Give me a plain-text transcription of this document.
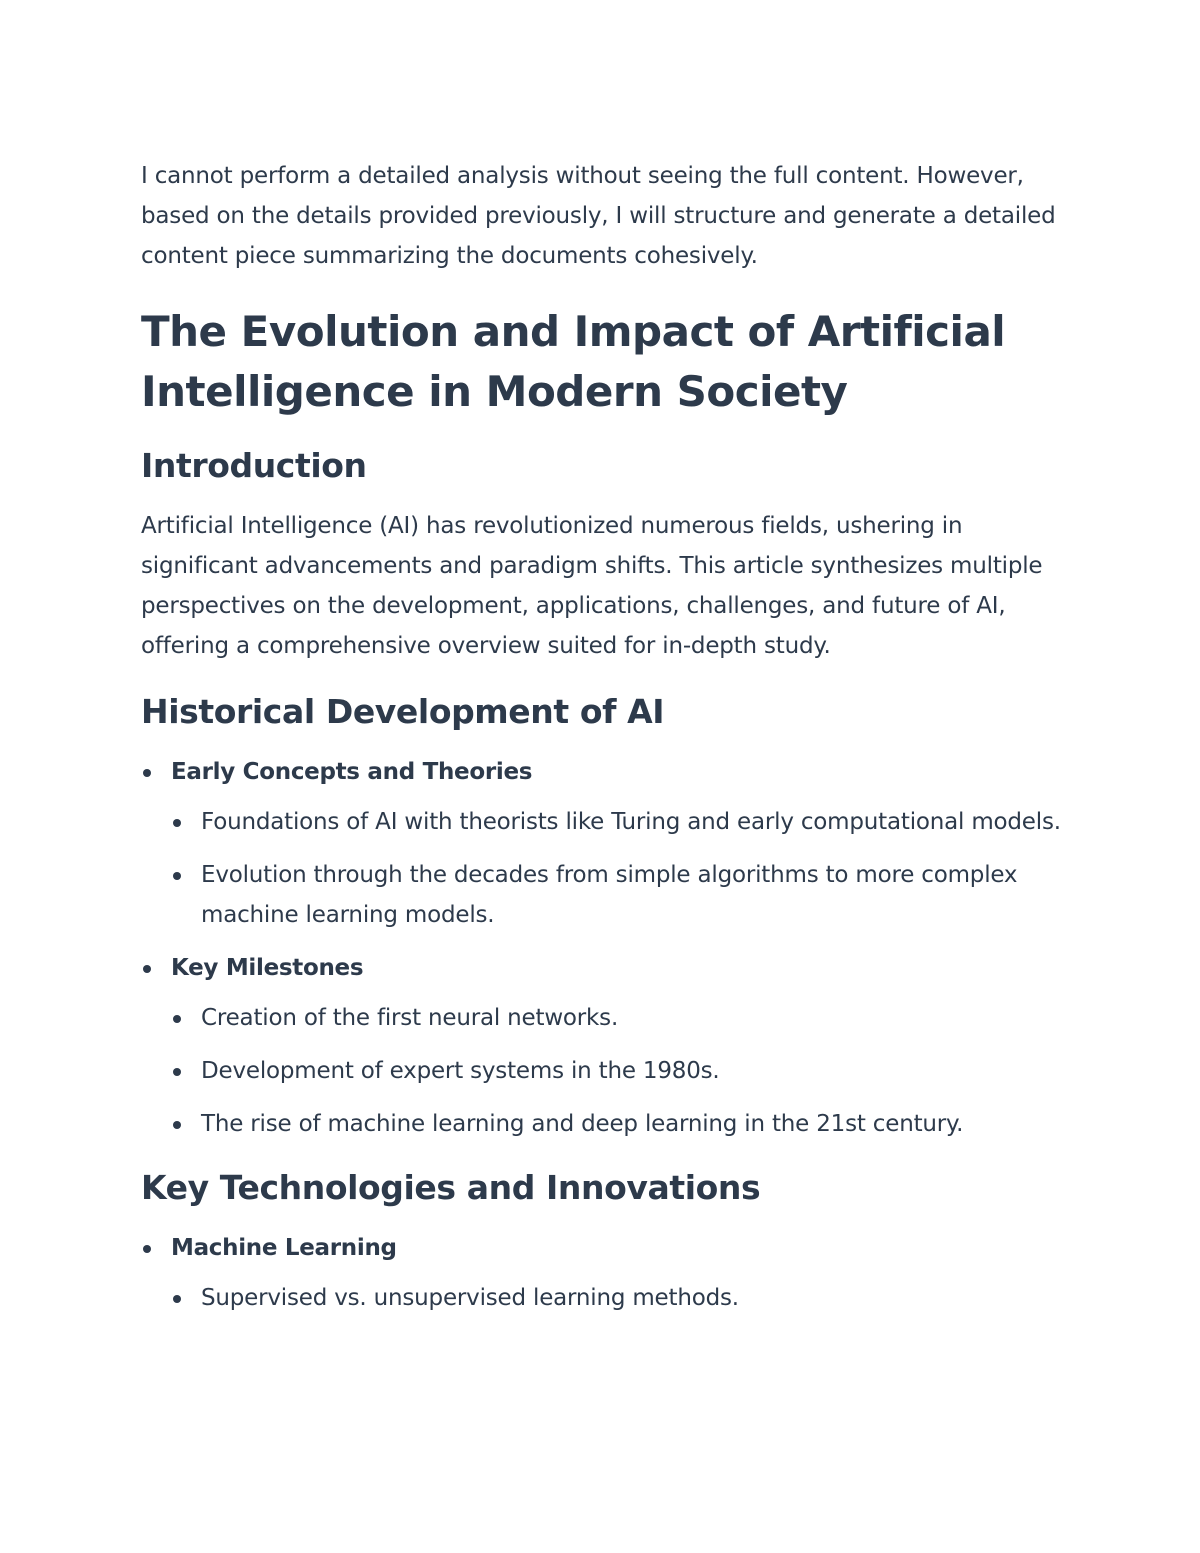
I cannot perform a detailed analysis without seeing the full content. However, based on the details provided previously, I will structure and generate a detailed content piece summarizing the documents cohesively.

The Evolution and Impact of Artificial Intelligence in Modern Society
Introduction

Artificial Intelligence (AI) has revolutionized numerous fields, ushering in significant advancements and paradigm shifts. This article synthesizes multiple perspectives on the development, applications, challenges, and future of AI, offering a comprehensive overview suited for in-depth study.

Historical Development of AI
Early Concepts and Theories
Foundations of AI with theorists like Turing and early computational models.
Evolution through the decades from simple algorithms to more complex machine learning models.
Key Milestones
Creation of the first neural networks.
Development of expert systems in the 1980s.
The rise of machine learning and deep learning in the 21st century.
Key Technologies and Innovations
Machine Learning
Supervised vs. unsupervised learning methods.
